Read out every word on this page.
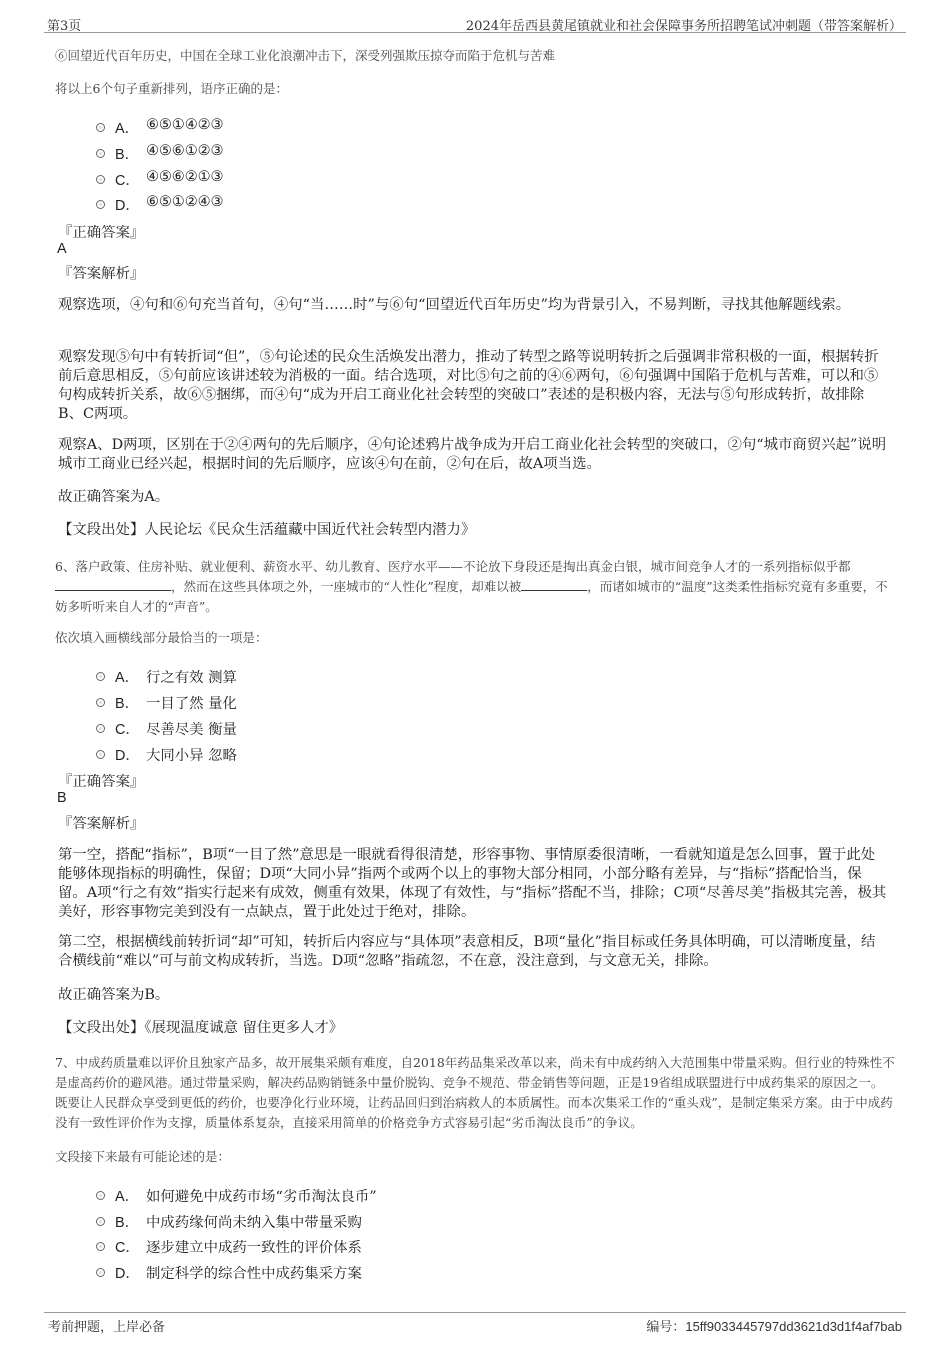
第3页	2024年岳西县黄尾镇就业和社会保障事务所招聘笔试冲刺题（带答案解析）
⑥回望近代百年历史，中国在全球工业化浪潮冲击下，深受列强欺压掠夺而陷于危机与苦难
将以上6个句子重新排列，语序正确的是：
A． ⑥⑤①④②③
B． ④⑤⑥①②③
C． ④⑤⑥②①③
D． ⑥⑤①②④③
『正确答案』
A
『答案解析』
观察选项，④句和⑥句充当首句，④句“当……时”与⑥句“回望近代百年历史”均为背景引入，不易判断，寻找其他解题线索。
观察发现⑤句中有转折词“但”，⑤句论述的民众生活焕发出潜力，推动了转型之路等说明转折之后强调非常积极的一面，根据转折前后意思相反，⑤句前应该讲述较为消极的一面。结合选项，对比⑤句之前的④⑥两句，⑥句强调中国陷于危机与苦难，可以和⑤句构成转折关系，故⑥⑤捆绑，而④句“成为开启工商业化社会转型的突破口”表述的是积极内容，无法与⑤句形成转折，故排除B、C两项。
观察A、D两项，区别在于②④两句的先后顺序，④句论述鸦片战争成为开启工商业化社会转型的突破口，②句“城市商贸兴起”说明城市工商业已经兴起，根据时间的先后顺序，应该④句在前，②句在后，故A项当选。
故正确答案为A。
【文段出处】人民论坛《民众生活蕴藏中国近代社会转型内潜力》
6、落户政策、住房补贴、就业便利、薪资水平、幼儿教育、医疗水平——不论放下身段还是掏出真金白银，城市间竞争人才的一系列指标似乎都，然而在这些具体项之外，一座城市的“人性化”程度，却难以被	，而诸如城市的“温度”这类柔性指标究竟有多重要，不妨多听听来自人才的“声音”。
依次填入画横线部分最恰当的一项是：
A． 行之有效 测算
B． 一目了然 量化
C． 尽善尽美 衡量
D． 大同小异 忽略
『正确答案』
B
『答案解析』
第一空，搭配“指标”，B项“一目了然”意思是一眼就看得很清楚，形容事物、事情原委很清晰，一看就知道是怎么回事，置于此处能够体现指标的明确性，保留；D项“大同小异”指两个或两个以上的事物大部分相同，小部分略有差异，与“指标”搭配恰当，保留。A项“行之有效”指实行起来有成效，侧重有效果，体现了有效性，与“指标”搭配不当，排除；C项“尽善尽美”指极其完善，极其美好，形容事物完美到没有一点缺点，置于此处过于绝对，排除。
第二空，根据横线前转折词“却”可知，转折后内容应与“具体项”表意相反，B项“量化”指目标或任务具体明确，可以清晰度量，结合横线前“难以”可与前文构成转折，当选。D项“忽略”指疏忽，不在意，没注意到，与文意无关，排除。
故正确答案为B。
【文段出处】《展现温度诚意 留住更多人才》
7、中成药质量难以评价且独家产品多，故开展集采颇有难度，自2018年药品集采改革以来，尚未有中成药纳入大范围集中带量采购。但行业的特殊性不是虚高药价的避风港。通过带量采购，解决药品购销链条中量价脱钩、竞争不规范、带金销售等问题，正是19省组成联盟进行中成药集采的原因之一。既要让人民群众享受到更低的药价，也要净化行业环境，让药品回归到治病救人的本质属性。而本次集采工作的“重头戏”，是制定集采方案。由于中成药没有一致性评价作为支撑，质量体系复杂，直接采用简单的价格竞争方式容易引起“劣币淘汰良币”的争议。
文段接下来最有可能论述的是：
A． 如何避免中成药市场“劣币淘汰良币”
B． 中成药缘何尚未纳入集中带量采购
C． 逐步建立中成药一致性的评价体系
D． 制定科学的综合性中成药集采方案
考前押题，上岸必备	编号：15ff9033445797dd3621d3d1f4af7bab
